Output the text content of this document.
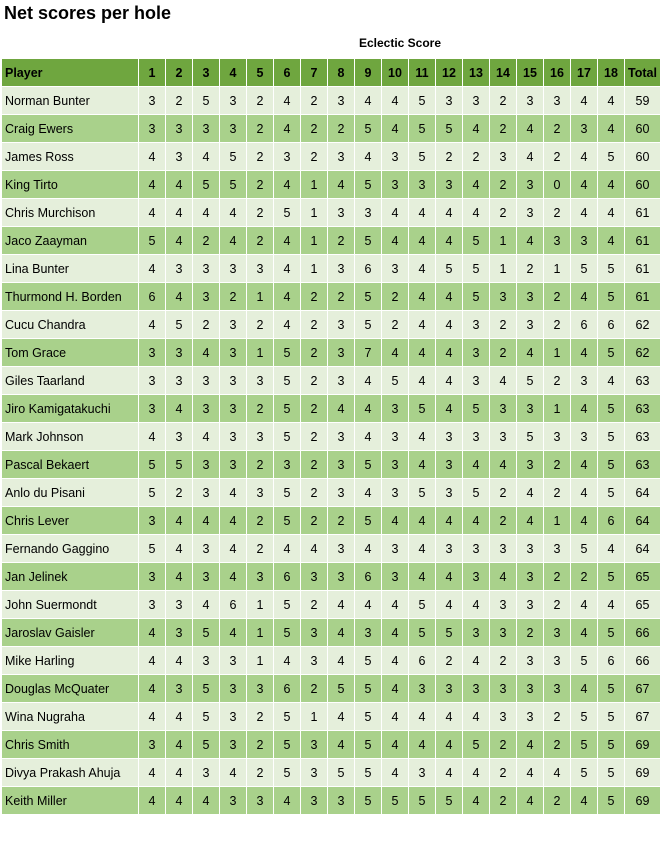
Net scores per hole
Eclectic Score
Player	1	2	3	4	5	6	7	8	9	10	11	12	13	14	15	16	17	18	Total
Norman Bunter	3	2	5	3	2	4	2	3	4	4	5	3	3	2	3	3	4	4	59
Craig Ewers	3	3	3	3	2	4	2	2	5	4	5	5	4	2	4	2	3	4	60
James Ross	4	3	4	5	2	3	2	3	4	3	5	2	2	3	4	2	4	5	60
King Tirto	4	4	5	5	2	4	1	4	5	3	3	3	4	2	3	0	4	4	60
Chris Murchison	4	4	4	4	2	5	1	3	3	4	4	4	4	2	3	2	4	4	61
Jaco Zaayman	5	4	2	4	2	4	1	2	5	4	4	4	5	1	4	3	3	4	61
Lina Bunter	4	3	3	3	3	4	1	3	6	3	4	5	5	1	2	1	5	5	61
Thurmond H. Borden	6	4	3	2	1	4	2	2	5	2	4	4	5	3	3	2	4	5	61
Cucu Chandra	4	5	2	3	2	4	2	3	5	2	4	4	3	2	3	2	6	6	62
Tom Grace	3	3	4	3	1	5	2	3	7	4	4	4	3	2	4	1	4	5	62
Giles Taarland	3	3	3	3	3	5	2	3	4	5	4	4	3	4	5	2	3	4	63
Jiro Kamigatakuchi	3	4	3	3	2	5	2	4	4	3	5	4	5	3	3	1	4	5	63
Mark Johnson	4	3	4	3	3	5	2	3	4	3	4	3	3	3	5	3	3	5	63
Pascal Bekaert	5	5	3	3	2	3	2	3	5	3	4	3	4	4	3	2	4	5	63
Anlo du Pisani	5	2	3	4	3	5	2	3	4	3	5	3	5	2	4	2	4	5	64
Chris Lever	3	4	4	4	2	5	2	2	5	4	4	4	4	2	4	1	4	6	64
Fernando Gaggino	5	4	3	4	2	4	4	3	4	3	4	3	3	3	3	3	5	4	64
Jan Jelinek	3	4	3	4	3	6	3	3	6	3	4	4	3	4	3	2	2	5	65
John Suermondt	3	3	4	6	1	5	2	4	4	4	5	4	4	3	3	2	4	4	65
Jaroslav Gaisler	4	3	5	4	1	5	3	4	3	4	5	5	3	3	2	3	4	5	66
Mike Harling	4	4	3	3	1	4	3	4	5	4	6	2	4	2	3	3	5	6	66
Douglas McQuater	4	3	5	3	3	6	2	5	5	4	3	3	3	3	3	3	4	5	67
Wina Nugraha	4	4	5	3	2	5	1	4	5	4	4	4	4	3	3	2	5	5	67
Chris Smith	3	4	5	3	2	5	3	4	5	4	4	4	5	2	4	2	5	5	69
Divya Prakash Ahuja	4	4	3	4	2	5	3	5	5	4	3	4	4	2	4	4	5	5	69
Keith Miller	4	4	4	3	3	4	3	3	5	5	5	5	4	2	4	2	4	5	69
